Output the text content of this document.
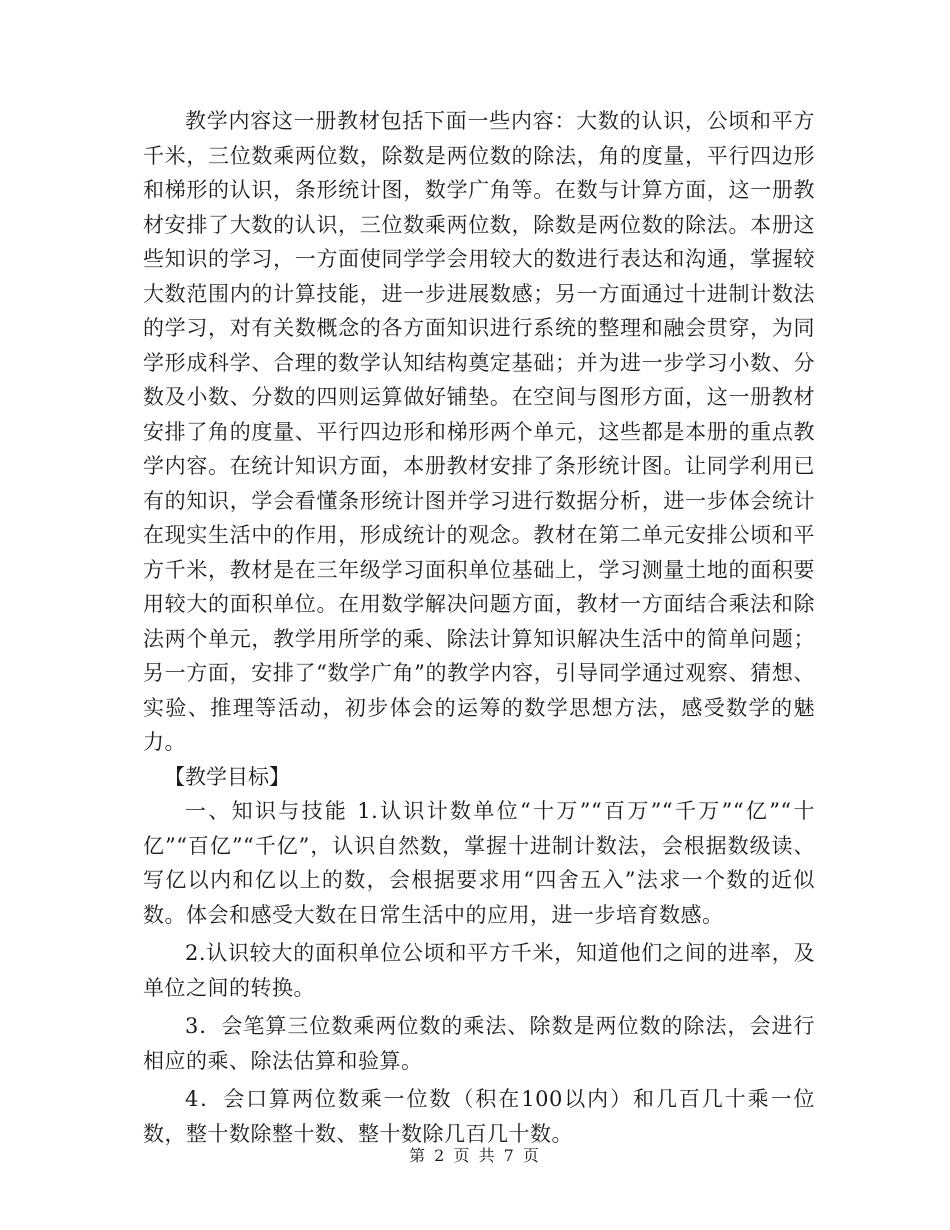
教学内容这一册教材包括下面一些内容：大数的认识，公顷和平方千米，三位数乘两位数，除数是两位数的除法，角的度量，平行四边形和梯形的认识，条形统计图，数学广角等。在数与计算方面，这一册教材安排了大数的认识，三位数乘两位数，除数是两位数的除法。本册这些知识的学习，一方面使同学学会用较大的数进行表达和沟通，掌握较大数范围内的计算技能，进一步进展数感；另一方面通过十进制计数法的学习，对有关数概念的各方面知识进行系统的整理和融会贯穿，为同学形成科学、合理的数学认知结构奠定基础；并为进一步学习小数、分数及小数、分数的四则运算做好铺垫。在空间与图形方面，这一册教材安排了角的度量、平行四边形和梯形两个单元，这些都是本册的重点教学内容。在统计知识方面，本册教材安排了条形统计图。让同学利用已有的知识，学会看懂条形统计图并学习进行数据分析，进一步体会统计在现实生活中的作用，形成统计的观念。教材在第二单元安排公顷和平方千米，教材是在三年级学习面积单位基础上，学习测量土地的面积要用较大的面积单位。在用数学解决问题方面，教材一方面结合乘法和除法两个单元，教学用所学的乘、除法计算知识解决生活中的简单问题；另一方面，安排了“数学广角”的教学内容，引导同学通过观察、猜想、实验、推理等活动，初步体会的运筹的数学思想方法，感受数学的魅力。

【教学目标】

一、知识与技能 1.认识计数单位“十万”“百万”“千万”“亿”“十亿”“百亿”“千亿”，认识自然数，掌握十进制计数法，会根据数级读、写亿以内和亿以上的数，会根据要求用“四舍五入”法求一个数的近似数。体会和感受大数在日常生活中的应用，进一步培育数感。

2.认识较大的面积单位公顷和平方千米，知道他们之间的进率，及单位之间的转换。

3．会笔算三位数乘两位数的乘法、除数是两位数的除法，会进行相应的乘、除法估算和验算。

4．会口算两位数乘一位数（积在100以内）和几百几十乘一位数，整十数除整十数、整十数除几百几十数。

第 2 页 共 7 页
